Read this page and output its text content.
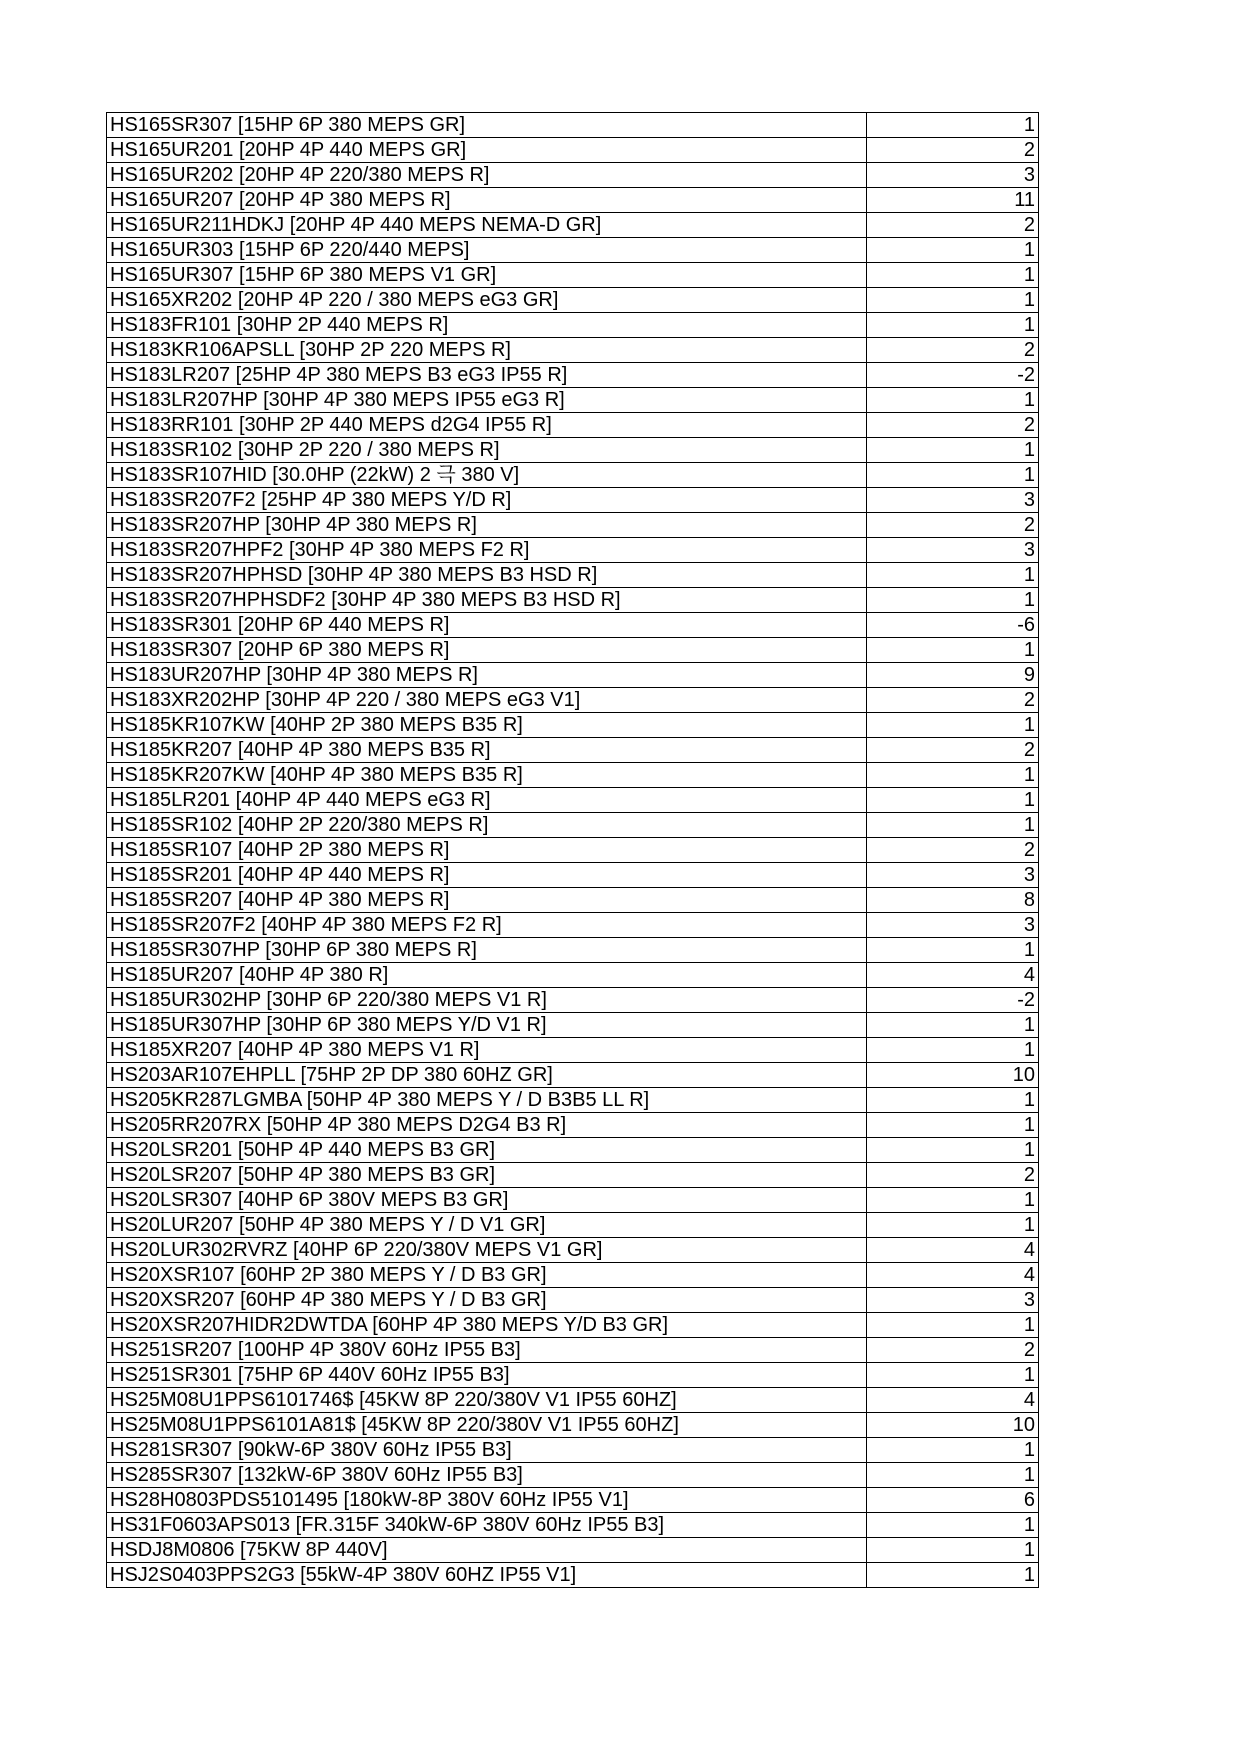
HS165SR307 [15HP 6P 380 MEPS GR]	1
HS165UR201 [20HP 4P 440 MEPS GR]	2
HS165UR202 [20HP 4P 220/380 MEPS R]	3
HS165UR207 [20HP 4P 380 MEPS R]	11
HS165UR211HDKJ [20HP 4P 440 MEPS NEMA-D GR]	2
HS165UR303 [15HP 6P 220/440 MEPS]	1
HS165UR307 [15HP 6P 380 MEPS V1 GR]	1
HS165XR202 [20HP 4P 220 / 380 MEPS eG3 GR]	1
HS183FR101 [30HP 2P 440 MEPS R]	1
HS183KR106APSLL [30HP 2P 220 MEPS R]	2
HS183LR207 [25HP 4P 380 MEPS B3 eG3 IP55 R]	-2
HS183LR207HP [30HP 4P 380 MEPS IP55 eG3 R]	1
HS183RR101 [30HP 2P 440 MEPS d2G4 IP55 R]	2
HS183SR102 [30HP 2P 220 / 380 MEPS R]	1
HS183SR107HID [30.0HP (22kW) 2 극 380 V]	1
HS183SR207F2 [25HP 4P 380 MEPS Y/D R]	3
HS183SR207HP [30HP 4P 380 MEPS R]	2
HS183SR207HPF2 [30HP 4P 380 MEPS F2 R]	3
HS183SR207HPHSD [30HP 4P 380 MEPS B3 HSD R]	1
HS183SR207HPHSDF2 [30HP 4P 380 MEPS B3 HSD R]	1
HS183SR301 [20HP 6P 440 MEPS R]	-6
HS183SR307 [20HP 6P 380 MEPS R]	1
HS183UR207HP [30HP 4P 380 MEPS R]	9
HS183XR202HP [30HP 4P 220 / 380 MEPS eG3 V1]	2
HS185KR107KW [40HP 2P 380 MEPS B35 R]	1
HS185KR207 [40HP 4P 380 MEPS B35 R]	2
HS185KR207KW [40HP 4P 380 MEPS B35 R]	1
HS185LR201 [40HP 4P 440 MEPS eG3 R]	1
HS185SR102 [40HP 2P 220/380 MEPS R]	1
HS185SR107 [40HP 2P 380 MEPS R]	2
HS185SR201 [40HP 4P 440 MEPS R]	3
HS185SR207 [40HP 4P 380 MEPS R]	8
HS185SR207F2 [40HP 4P 380 MEPS F2 R]	3
HS185SR307HP [30HP 6P 380 MEPS R]	1
HS185UR207 [40HP 4P 380 R]	4
HS185UR302HP [30HP 6P 220/380 MEPS V1 R]	-2
HS185UR307HP [30HP 6P 380 MEPS Y/D V1 R]	1
HS185XR207 [40HP 4P 380 MEPS V1 R]	1
HS203AR107EHPLL [75HP 2P DP 380 60HZ GR]	10
HS205KR287LGMBA [50HP 4P 380 MEPS Y / D B3B5 LL R]	1
HS205RR207RX [50HP 4P 380 MEPS D2G4 B3 R]	1
HS20LSR201 [50HP 4P 440 MEPS B3 GR]	1
HS20LSR207 [50HP 4P 380 MEPS B3 GR]	2
HS20LSR307 [40HP 6P 380V MEPS B3 GR]	1
HS20LUR207 [50HP 4P 380 MEPS Y / D V1 GR]	1
HS20LUR302RVRZ [40HP 6P 220/380V MEPS V1 GR]	4
HS20XSR107 [60HP 2P 380 MEPS Y / D B3 GR]	4
HS20XSR207 [60HP 4P 380 MEPS Y / D B3 GR]	3
HS20XSR207HIDR2DWTDA [60HP 4P 380 MEPS Y/D B3 GR]	1
HS251SR207 [100HP 4P 380V 60Hz IP55 B3]	2
HS251SR301 [75HP 6P 440V 60Hz IP55 B3]	1
HS25M08U1PPS6101746$ [45KW 8P 220/380V V1 IP55 60HZ]	4
HS25M08U1PPS6101A81$ [45KW 8P 220/380V V1 IP55 60HZ]	10
HS281SR307 [90kW-6P 380V 60Hz IP55 B3]	1
HS285SR307 [132kW-6P 380V 60Hz IP55 B3]	1
HS28H0803PDS5101495 [180kW-8P 380V 60Hz IP55 V1]	6
HS31F0603APS013 [FR.315F 340kW-6P 380V 60Hz IP55 B3]	1
HSDJ8M0806 [75KW 8P 440V]	1
HSJ2S0403PPS2G3 [55kW-4P 380V 60HZ IP55 V1]	1
